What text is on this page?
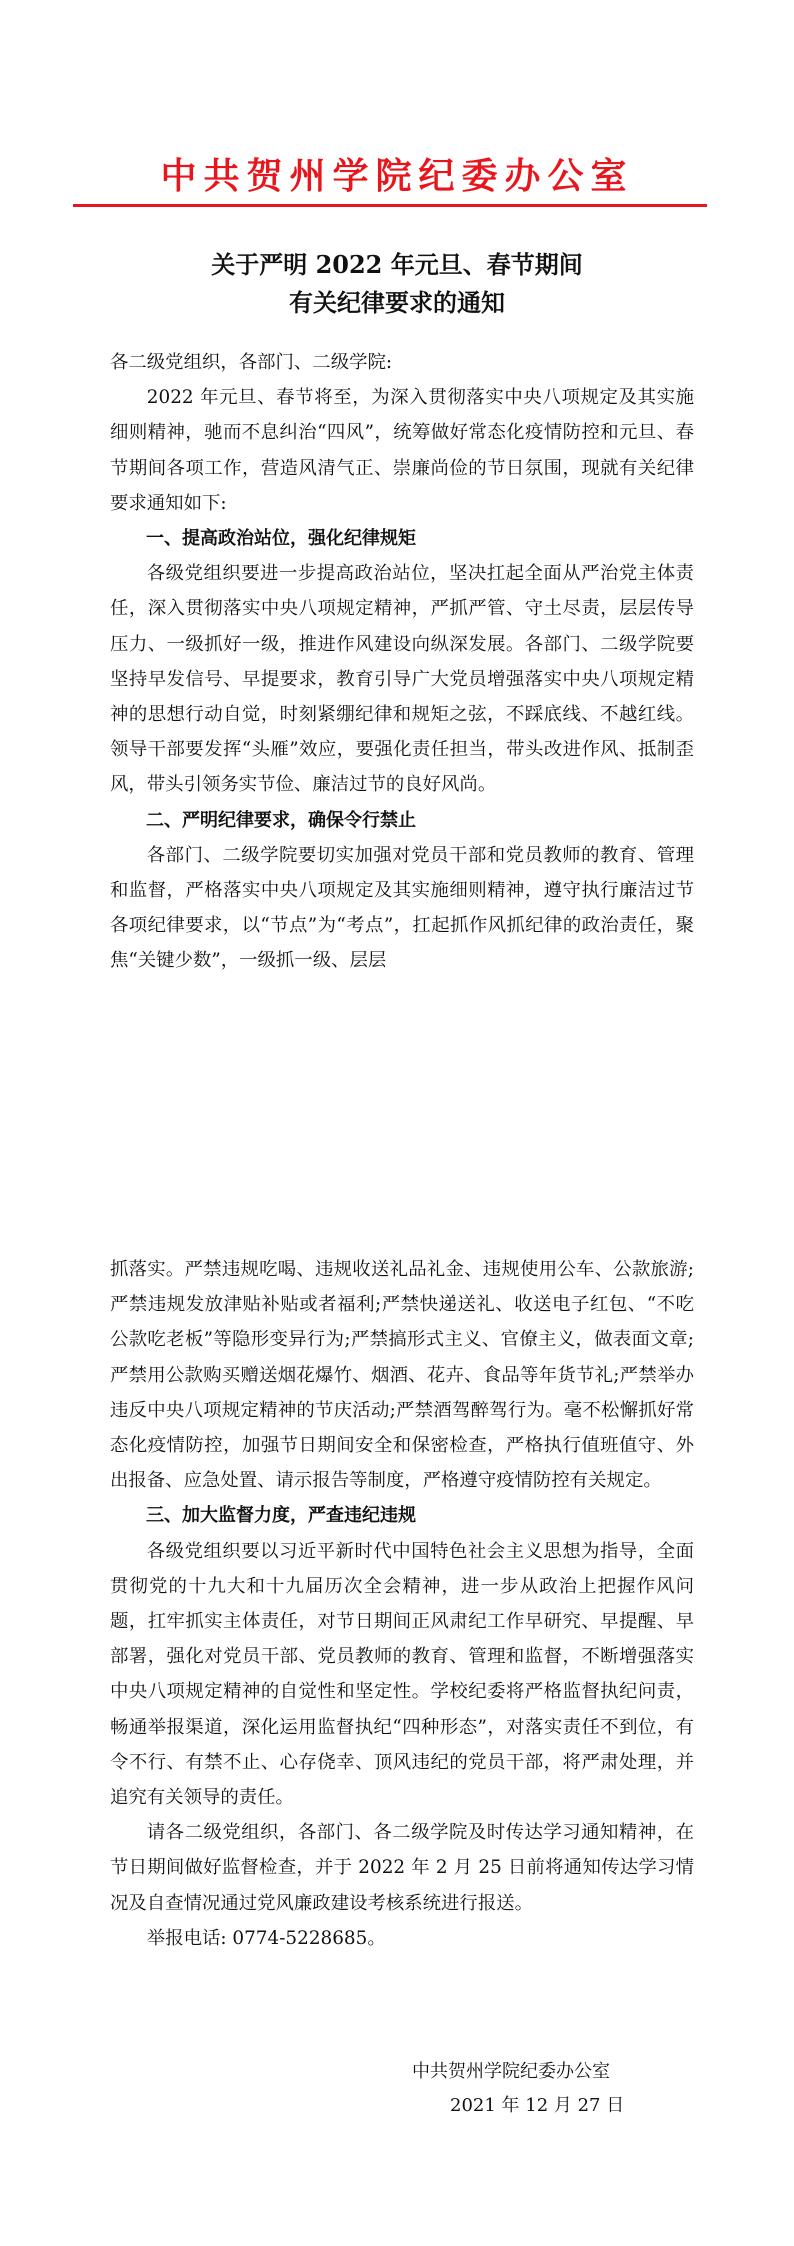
中共贺州学院纪委办公室
关于严明 2022 年元旦、春节期间
有关纪律要求的通知

各二级党组织，各部门、二级学院:

2022 年元旦、春节将至，为深入贯彻落实中央八项规定及其实施细则精神，驰而不息纠治“四风”，统筹做好常态化疫情防控和元旦、春节期间各项工作，营造风清气正、崇廉尚俭的节日氛围，现就有关纪律要求通知如下:

一、提高政治站位，强化纪律规矩

各级党组织要进一步提高政治站位，坚决扛起全面从严治党主体责任，深入贯彻落实中央八项规定精神，严抓严管、守土尽责，层层传导压力、一级抓好一级，推进作风建设向纵深发展。各部门、二级学院要坚持早发信号、早提要求，教育引导广大党员增强落实中央八项规定精神的思想行动自觉，时刻紧绷纪律和规矩之弦，不踩底线、不越红线。领导干部要发挥“头雁”效应，要强化责任担当，带头改进作风、抵制歪风，带头引领务实节俭、廉洁过节的良好风尚。

二、严明纪律要求，确保令行禁止

各部门、二级学院要切实加强对党员干部和党员教师的教育、管理和监督，严格落实中央八项规定及其实施细则精神，遵守执行廉洁过节各项纪律要求，以“节点”为“考点”，扛起抓作风抓纪律的政治责任，聚焦“关键少数”，一级抓一级、层层

抓落实。严禁违规吃喝、违规收送礼品礼金、违规使用公车、公款旅游;严禁违规发放津贴补贴或者福利;严禁快递送礼、收送电子红包、“不吃公款吃老板”等隐形变异行为;严禁搞形式主义、官僚主义，做表面文章;严禁用公款购买赠送烟花爆竹、烟酒、花卉、食品等年货节礼;严禁举办违反中央八项规定精神的节庆活动;严禁酒驾醉驾行为。毫不松懈抓好常态化疫情防控，加强节日期间安全和保密检查，严格执行值班值守、外出报备、应急处置、请示报告等制度，严格遵守疫情防控有关规定。

三、加大监督力度，严查违纪违规

各级党组织要以习近平新时代中国特色社会主义思想为指导，全面贯彻党的十九大和十九届历次全会精神，进一步从政治上把握作风问题，扛牢抓实主体责任，对节日期间正风肃纪工作早研究、早提醒、早部署，强化对党员干部、党员教师的教育、管理和监督，不断增强落实中央八项规定精神的自觉性和坚定性。学校纪委将严格监督执纪问责，畅通举报渠道，深化运用监督执纪“四种形态”，对落实责任不到位，有令不行、有禁不止、心存侥幸、顶风违纪的党员干部，将严肃处理，并追究有关领导的责任。

请各二级党组织，各部门、各二级学院及时传达学习通知精神，在节日期间做好监督检查，并于 2022 年 2 月 25 日前将通知传达学习情况及自查情况通过党风廉政建设考核系统进行报送。

举报电话: 0774-5228685。

中共贺州学院纪委办公室
2021 年 12 月 27 日
